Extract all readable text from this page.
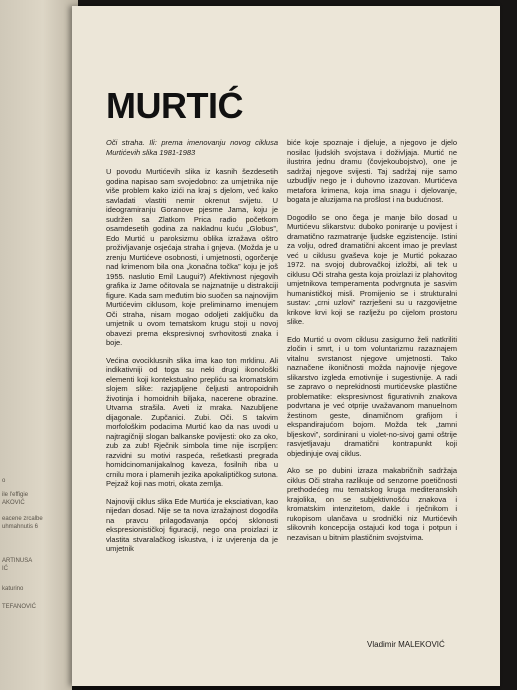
o
ile l'effigie
AKOVIĆ
eacene zrcalbe
uhmahnutis 6
ARTINUSA
IĆ
katurino
TEFANOVIĆ
MURTIĆ

Oči straha. Ili: prema imenovanju novog ciklusa Murtićevih slika 1981-1983

U povodu Murtićevih slika iz kasnih šezdesetih godina napisao sam svojedobno: za umjetnika nije više problem kako izići na kraj s djelom, već kako savladati vlastiti nemir okrenut svijetu. U ideogramiranju Goranove pjesme Jama, koju je sudržen sa Zlatkom Prica radio početkom osamdesetih godina za nakladnu kuću „Globus”, Edo Murtić u paroksizmu oblika izražava oštro proživljavanje osjećaja straha i gnjeva. (Možda je u zrenju Murtićeve osobnosti, i umjetnosti, ogorčenje nad krimenom bila ona „konačna točka” koju je još 1955. naslutio Emil Laugui?) Afektivnost njegovih grafika iz Jame očitovala se najznatnije u distrakciji figure. Kada sam međutim bio suočen sa najnovijim Murtićevim ciklusom, koje preliminarno imenujem Oči straha, nisam mogao odoljeti zaključku da umjetnik u ovom tematskom krugu stoji u novoj obavezi prema ekspresivnoj svrhovitosti znaka i boje.

Većina ovociklusnih slika ima kao ton mrklinu. Ali indikativniji od toga su neki drugi ikonološki elementi koji kontekstualno prepliću sa kromatskim slojem slike: razjapljene čeljusti antropoidnih životinja i homoidnih bilјaka, nacerene obrazine. Utvarna strašila. Aveti iz mraka. Nazubljene dijagonale. Zupčanici. Zubi. Oči. S takvim morfološkim podacima Murtić kao da nas uvodi u najtragičniji slogan balkanske povijesti: oko za oko, zub za zub! Rječnik simbola time nije iscrpljen: razvidni su motivi raspeća, rešetkasti pregrada homidcinomanijakalnog kaveza, fosilnih riba u crnilu mora i plamenih jezika apokaliptičkog sutona. Pejzaž koji nas motri, okata zemlja.

Najnoviji ciklus slika Ede Murtića je eksciativan, kao nijedan dosad. Nije se ta nova izražajnost dogodila na pravcu prilagođavanja općoj sklonosti ekspresionističkoj figuraciji, nego ona proizlazi iz vlastita stvaralačkog iskustva, i iz uvjerenja da je umjetnik

biće koje spoznaje i djeluje, a njegovo je djelo nosilac ljudskih svojstava i doživljaja. Murtić ne ilustrira jednu dramu (čovjekoubojstvo), one je sadržaj njegove svijesti. Taj sadržaj nije samo uzbudljiv nego je i duhovno izazovan. Murtićeva metafora krimena, koja ima snagu i djelovanje, bogata je aluzijama na prošlost i na budućnost.

Dogodilo se ono čega je manje bilo dosad u Murtićevu slikarstvu: duboko poniranje u povijest i dramatično razmatranje ljudske egzistencije. Istini za volju, određ dramatični akcent imao je prevlast već u ciklusu gvaševa koje je Murtić pokazao 1972. na svojoj dubrovačkoj izložbi, ali tek u ciklusu Oči straha gesta koja proizlazi iz plahovitog umjetnikova temperamenta podvrgnuta je sasvim humanističkoj misli. Promijenio se i strukturalni sustav: „crni uzlovi” razrješeni su u razgovijetne krikove krvi koji se razlježu po cijelom prostoru slike.

Edo Murtić u ovom ciklusu zasigurno želi natkriliti zločin i smrt, i u tom voluntarizmu razaznajem vitalnu svrstanost njegove umjetnosti. Tako naznačene ikoničnosti možda najnovije njegove slikarstvo izgleda emotivnije i sugestivnije. A radi se zapravo o neprekidnosti murtićevske plastične problematike: ekspresivnost figurativnih znakova podvrtana je već otprije uvažavanom manuelnom žestinom geste, dinamičnom grafijom i ekspandirajućom bojom. Možda tek „tamni bljeskovi”, sordinirani u violet-no-sivoj gami oštrije rasvjetljavaju dramatični kontrapunkt koji objedinjuje ovaj ciklus.

Ako se po dubini izraza makabričnih sadržaja ciklus Oči straha razlikuje od senzorne poetičnosti prethodećeg mu tematskog kruga mediteranskih krajolika, on se subjektivnošću znakova i kromatskim intenzitetom, dakle i rječnikom i rukopisom ulančava u srodnički niz Murtićevih slikovnih koncepcija ostajući kod toga i potpun i nezavisan u bitnim plastičnim svojstvima.

Vladimir MALEKOVIĆ
